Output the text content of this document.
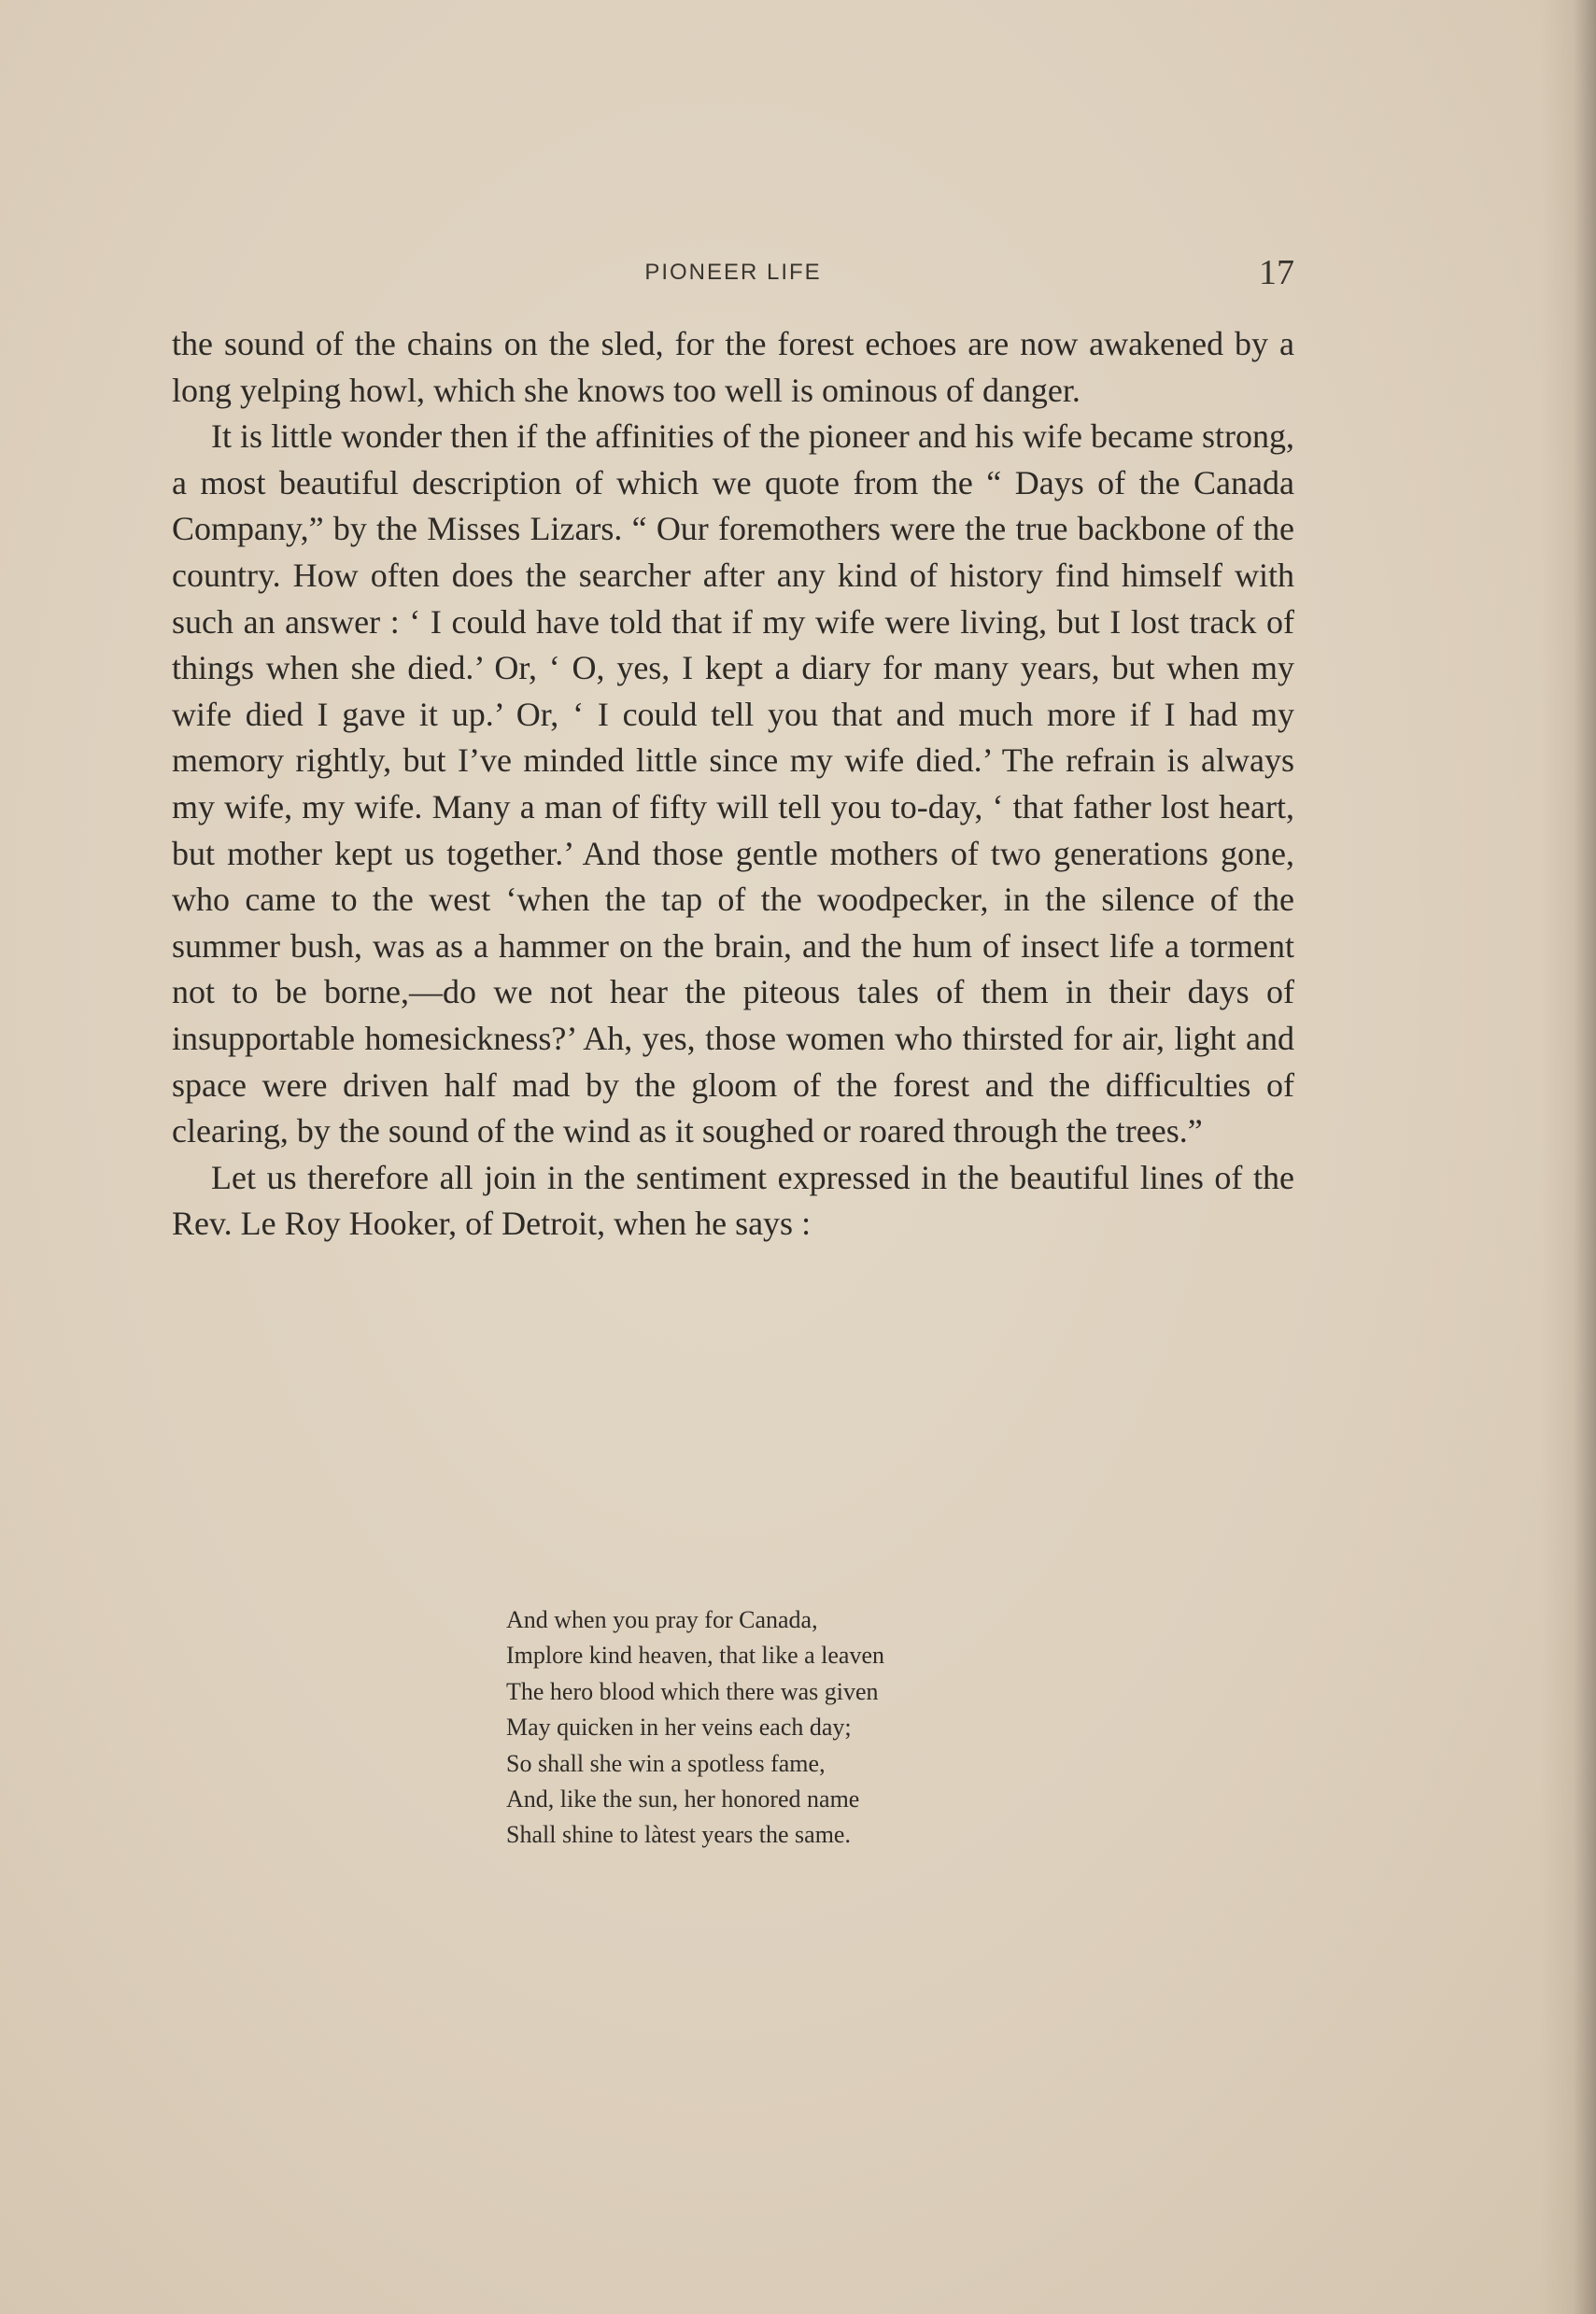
PIONEER LIFE	17

the sound of the chains on the sled, for the forest echoes are now awakened by a long yelping howl, which she knows too well is ominous of danger.

It is little wonder then if the affinities of the pioneer and his wife became strong, a most beautiful description of which we quote from the “ Days of the Canada Company,” by the Misses Lizars. “ Our foremothers were the true backbone of the country. How often does the searcher after any kind of history find himself with such an answer : ‘ I could have told that if my wife were living, but I lost track of things when she died.’ Or, ‘ O, yes, I kept a diary for many years, but when my wife died I gave it up.’ Or, ‘ I could tell you that and much more if I had my memory rightly, but I’ve minded little since my wife died.’ The refrain is always my wife, my wife. Many a man of fifty will tell you to-day, ‘ that father lost heart, but mother kept us together.’ And those gentle mothers of two generations gone, who came to the west ‘when the tap of the woodpecker, in the silence of the summer bush, was as a hammer on the brain, and the hum of insect life a torment not to be borne,—do we not hear the piteous tales of them in their days of insupportable homesickness?’ Ah, yes, those women who thirsted for air, light and space were driven half mad by the gloom of the forest and the difficulties of clearing, by the sound of the wind as it soughed or roared through the trees.”

Let us therefore all join in the sentiment expressed in the beautiful lines of the Rev. Le Roy Hooker, of Detroit, when he says :

And when you pray for Canada,
Implore kind heaven, that like a leaven
The hero blood which there was given
May quicken in her veins each day;
So shall she win a spotless fame,
And, like the sun, her honored name
Shall shine to làtest years the same.
